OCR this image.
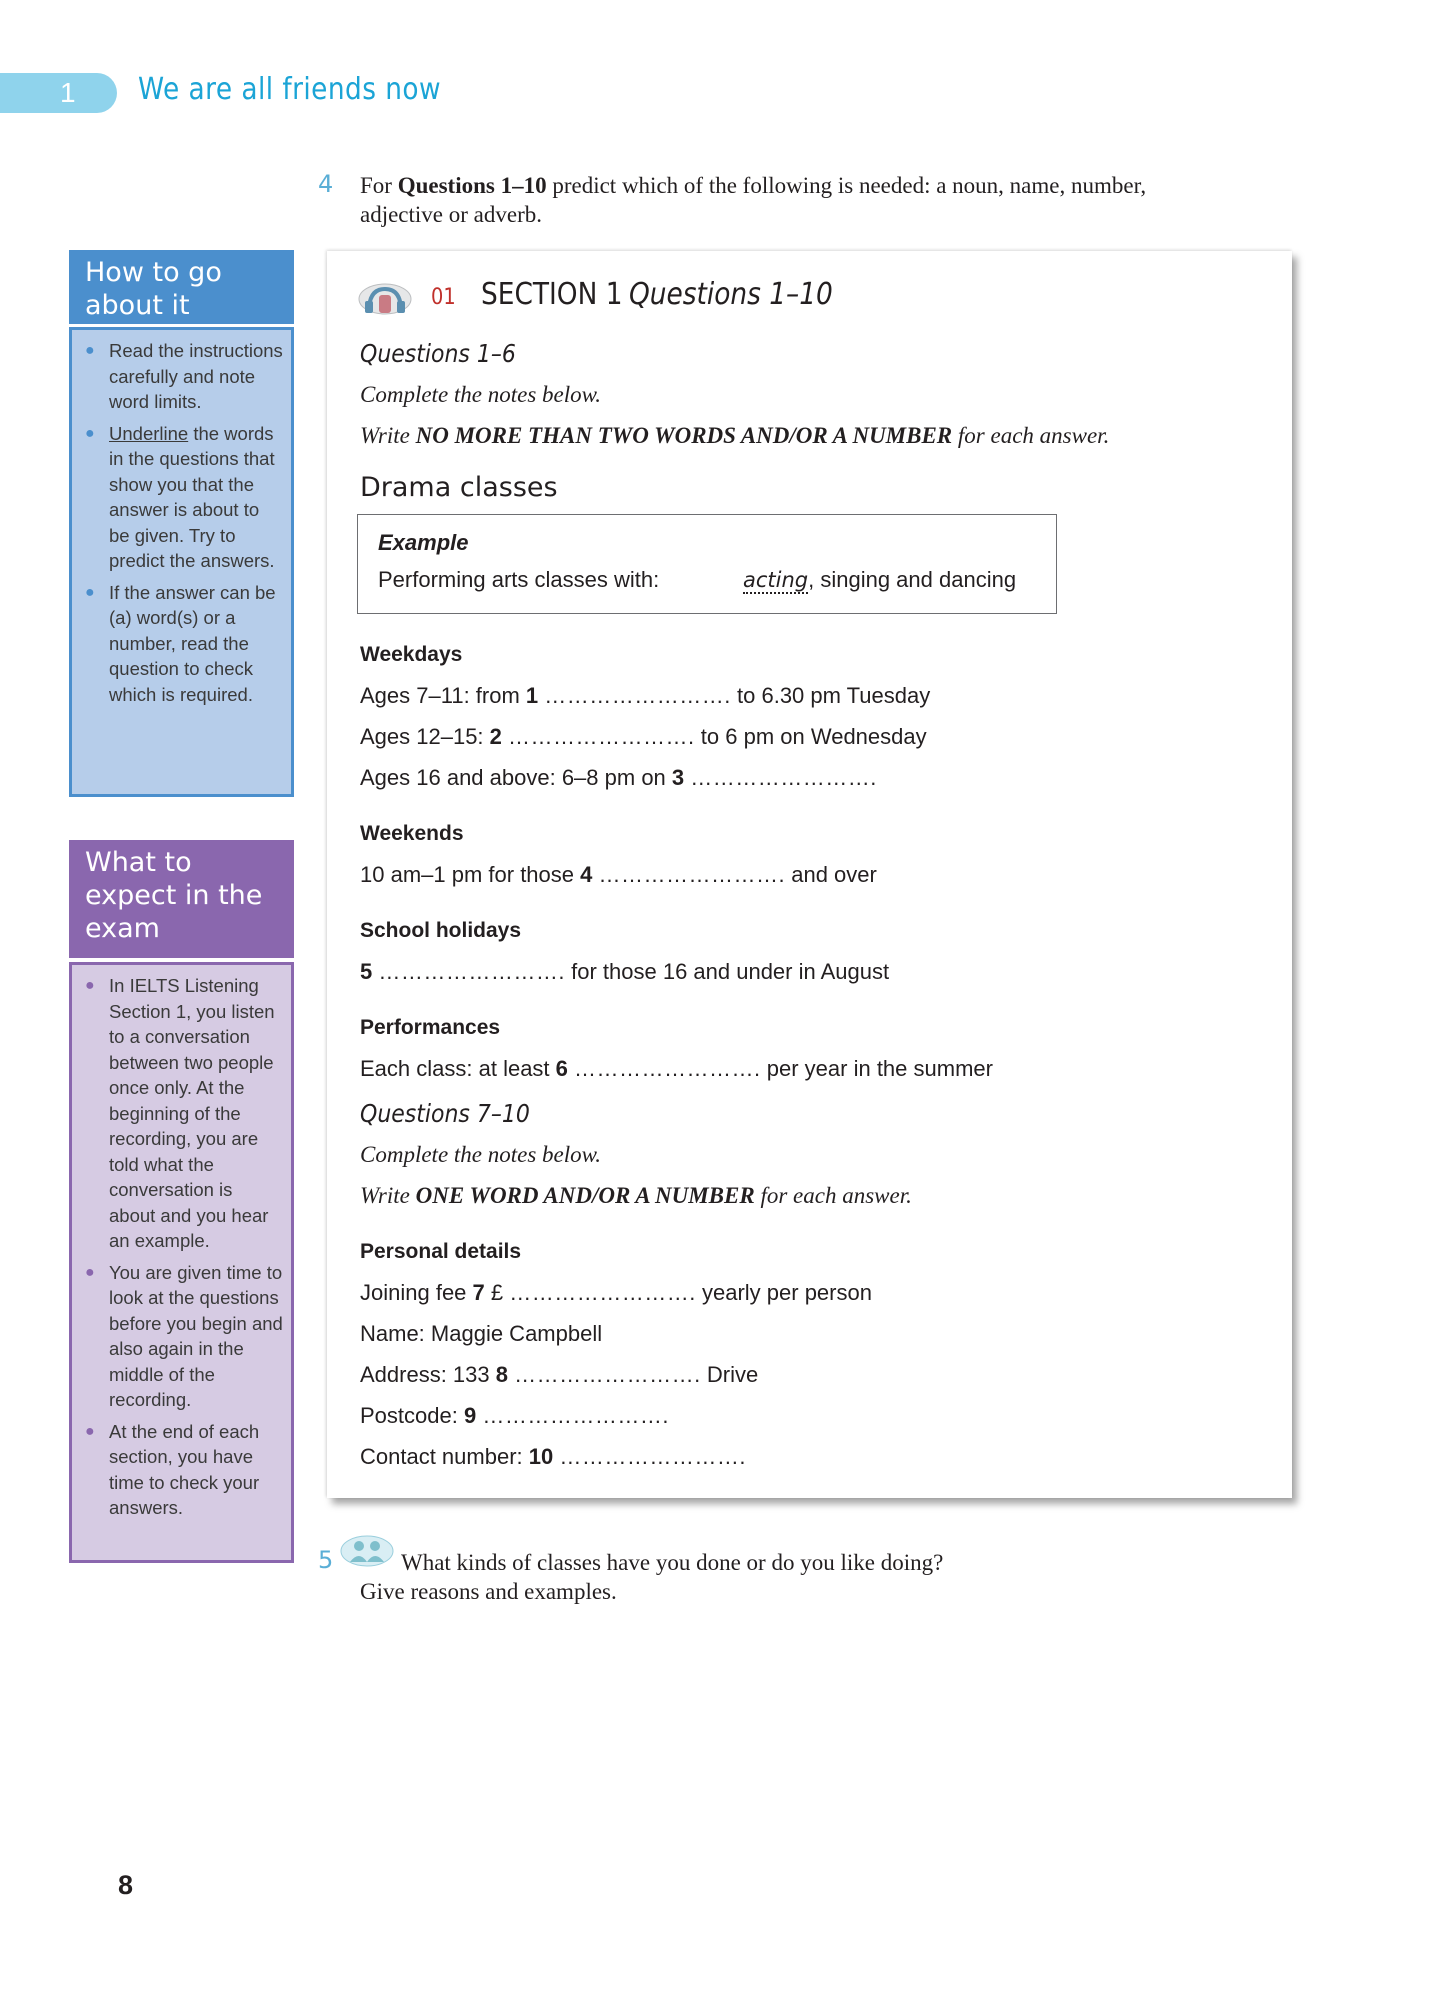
1	We are all friends now
4 For Questions 1–10 predict which of the following is needed: a noun, name, number,
adjective or adverb.
How to go
about it
● Read the instructions carefully and note word limits.
● Underline the words in the questions that show you that the answer is about to be given. Try to predict the answers.
● If the answer can be (a) word(s) or a number, read the question to check which is required.
What to
expect in the
exam
● In IELTS Listening Section 1, you listen to a conversation between two people once only. At the beginning of the recording, you are told what the conversation is about and you hear an example.
● You are given time to look at the questions before you begin and also again in the middle of the recording.
● At the end of each section, you have time to check your answers.
01 SECTION 1 Questions 1–10
Questions 1–6
Complete the notes below.
Write NO MORE THAN TWO WORDS AND/OR A NUMBER for each answer.
Drama classes
Example
Performing arts classes with:	acting, singing and dancing
Weekdays
Ages 7–11: from 1 ……………………. to 6.30 pm Tuesday
Ages 12–15: 2 ……………………. to 6 pm on Wednesday
Ages 16 and above: 6–8 pm on 3 …………………….
Weekends
10 am–1 pm for those 4 ……………………. and over
School holidays
5 ……………………. for those 16 and under in August
Performances
Each class: at least 6 ……………………. per year in the summer
Questions 7–10
Complete the notes below.
Write ONE WORD AND/OR A NUMBER for each answer.
Personal details
Joining fee 7 £ ……………………. yearly per person
Name: Maggie Campbell
Address: 133 8 ……………………. Drive
Postcode: 9 …………………….
Contact number: 10 …………………….
5	What kinds of classes have you done or do you like doing?
Give reasons and examples.
8
